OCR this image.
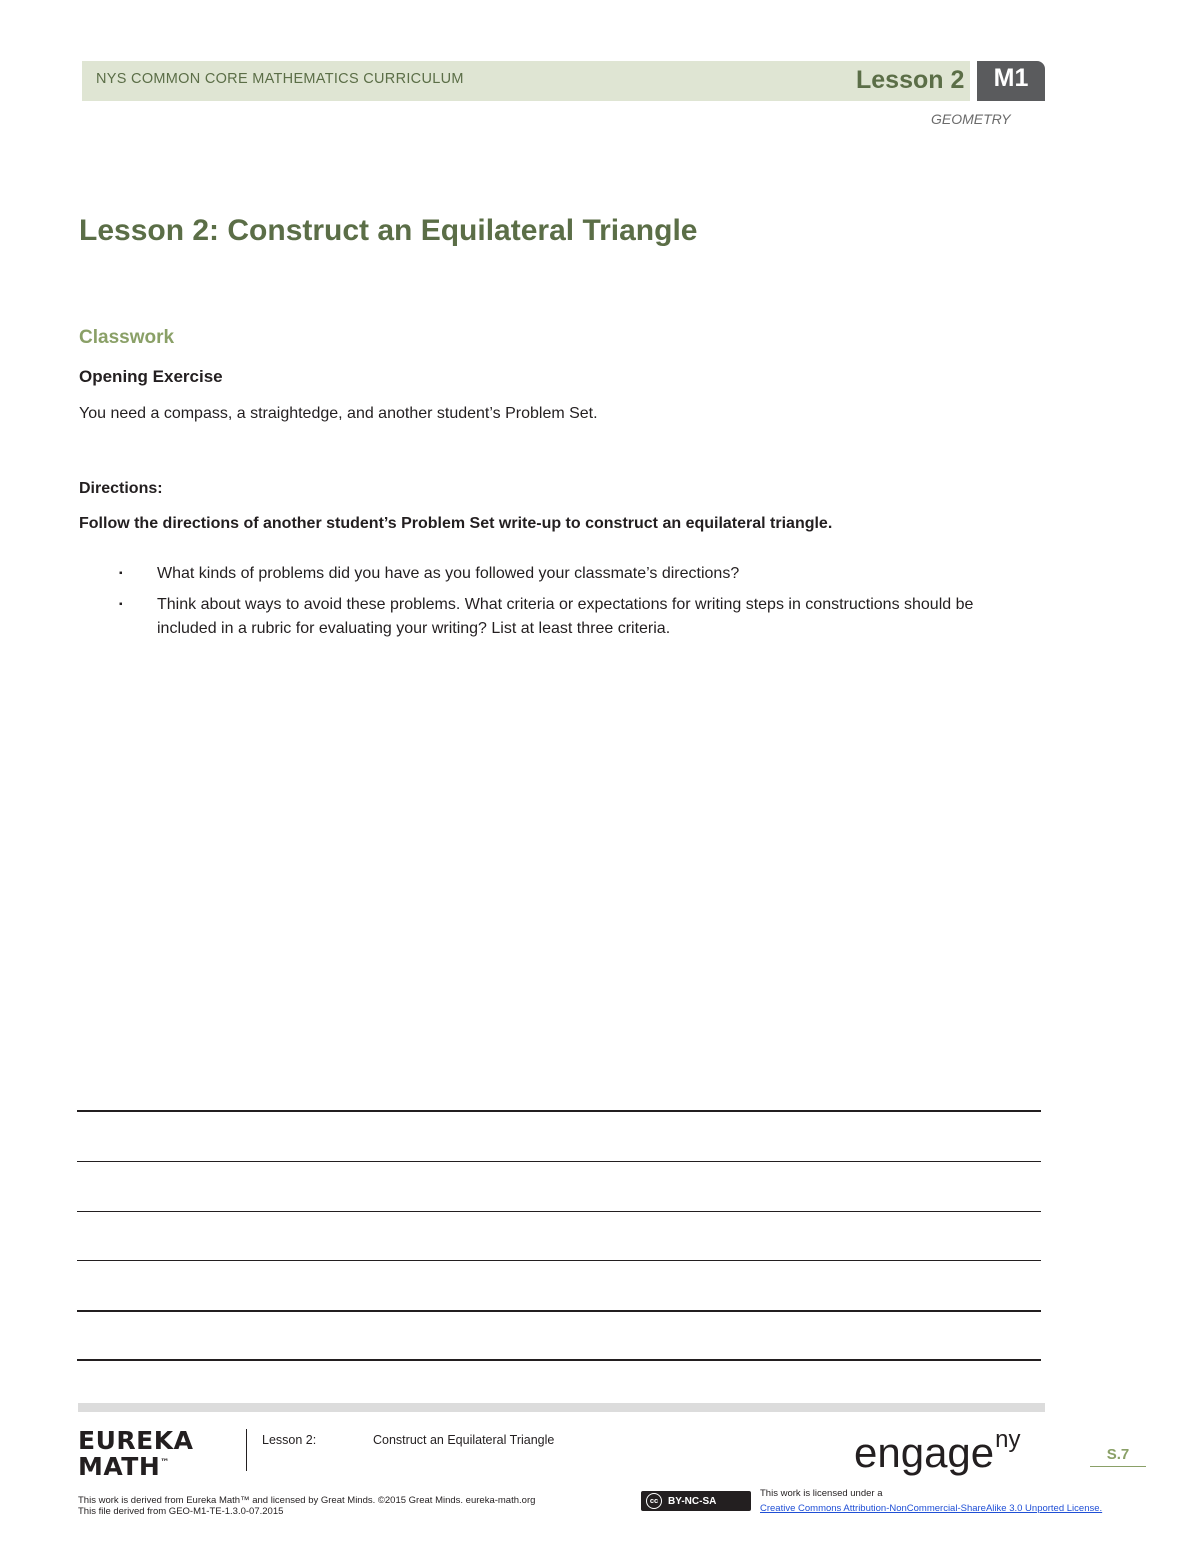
NYS COMMON CORE MATHEMATICS CURRICULUM	Lesson 2	M1
GEOMETRY
Lesson 2: Construct an Equilateral Triangle
Classwork
Opening Exercise
You need a compass, a straightedge, and another student’s Problem Set.
Directions:
Follow the directions of another student’s Problem Set write-up to construct an equilateral triangle.
▪ What kinds of problems did you have as you followed your classmate’s directions?
▪ Think about ways to avoid these problems. What criteria or expectations for writing steps in constructions should be included in a rubric for evaluating your writing? List at least three criteria.
EUREKA
MATH™
Lesson 2:	Construct an Equilateral Triangle	engage$^{ny}$
S.7
This work is derived from Eureka Math™ and licensed by Great Minds. ©2015 Great Minds. eureka-math.org
This file derived from GEO-M1-TE-1.3.0-07.2015
cc BY-NC-SA
This work is licensed under a
Creative Commons Attribution-NonCommercial-ShareAlike 3.0 Unported License.
